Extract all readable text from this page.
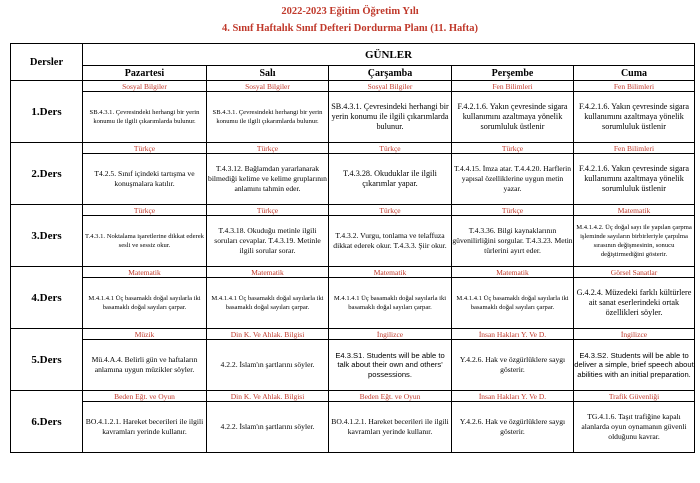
2022-2023 Eğitim Öğretim Yılı
4. Sınıf Haftalık Sınıf Defteri Dordurma Planı (11. Hafta)
Dersler	GÜNLER				
	Pazartesi	Salı	Çarşamba	Perşembe	Cuma
1.Ders	Sosyal Bilgiler	Sosyal Bilgiler	Sosyal Bilgiler	Fen Bilimleri	Fen Bilimleri
	SB.4.3.1. Çevresindeki herhangi bir yerin konumu ile ilgili çıkarımlarda bulunur.	SB.4.3.1. Çevresindeki herhangi bir yerin konumu ile ilgili çıkarımlarda bulunur.	SB.4.3.1. Çevresindeki herhangi bir yerin konumu ile ilgili çıkarımlarda bulunur.	F.4.2.1.6. Yakın çevresinde sigara kullanımını azaltmaya yönelik sorumluluk üstlenir	F.4.2.1.6. Yakın çevresinde sigara kullanımını azaltmaya yönelik sorumluluk üstlenir
2.Ders	Türkçe	Türkçe	Türkçe	Türkçe	Fen Bilimleri
	T4.2.5. Sınıf içindeki tartışma ve konuşmalara katılır.	T.4.3.12. Bağlamdan yararlanarak bilmediği kelime ve kelime gruplarının anlamını tahmin eder.	T.4.3.28. Okuduklar ile ilgili çıkarımlar yapar.	T.4.4.15. İmza atar. T.4.4.20. Harflerin yapısal özelliklerine uygun metin yazar.	F.4.2.1.6. Yakın çevresinde sigara kullanımını azaltmaya yönelik sorumluluk üstlenir
3.Ders	Türkçe	Türkçe	Türkçe	Türkçe	Matematik
	T.4.3.1. Noktalama işaretlerine dikkat ederek sesli ve sessiz okur.	T.4.3.18. Okuduğu metinle ilgili soruları cevaplar. T.4.3.19. Metinle ilgili sorular sorar.	T.4.3.2. Vurgu, tonlama ve telaffuza dikkat ederek okur. T.4.3.3. Şiir okur.	T.4.3.36. Bilgi kaynaklarının güvenilirliğini sorgular. T.4.3.23. Metin türlerini ayırt eder.	M.4.1.4.2. Üç doğal sayı ile yapılan çarpma işleminde sayıların birbirleriyle çarpılma sırasının değişmesinin, sonucu değiştirmediğini gösterir.
4.Ders	Matematik	Matematik	Matematik	Matematik	Görsel Sanatlar
	M.4.1.4.1 Üç basamaklı doğal sayılarla iki basamaklı doğal sayıları çarpar.	M.4.1.4.1 Üç basamaklı doğal sayılarla iki basamaklı doğal sayıları çarpar.	M.4.1.4.1 Üç basamaklı doğal sayılarla iki basamaklı doğal sayıları çarpar.	M.4.1.4.1 Üç basamaklı doğal sayılarla iki basamaklı doğal sayıları çarpar.	G.4.2.4. Müzedeki farklı kültürlere ait sanat eserlerindeki ortak özellikleri söyler.
5.Ders	Müzik	Din K. Ve Ahlak. Bilgisi	İngilizce	İnsan Hakları Y. Ve D.	İngilizce
	Mü.4.A.4. Belirli gün ve haftaların anlamına uygun müzikler söyler.	4.2.2. İslam'ın şartlarını söyler.	E4.3.S1. Students will be able to talk about their own and others' possessions.	Y.4.2.6. Hak ve özgürlüklere saygı gösterir.	E4.3.S2. Students will be able to deliver a simple, brief speech about abilities with an initial preparation.
6.Ders	Beden Eğt. ve Oyun	Din K. Ve Ahlak. Bilgisi	Beden Eğt. ve Oyun	İnsan Hakları Y. Ve D.	Trafik Güvenliği
	BO.4.1.2.1. Hareket becerileri ile ilgili kavramları yerinde kullanır.	4.2.2. İslam'ın şartlarını söyler.	BO.4.1.2.1. Hareket becerileri ile ilgili kavramları yerinde kullanır.	Y.4.2.6. Hak ve özgürlüklere saygı gösterir.	TG.4.1.6. Taşıt trafiğine kapalı alanlarda oyun oynamanın güvenli olduğunu kavrar.
